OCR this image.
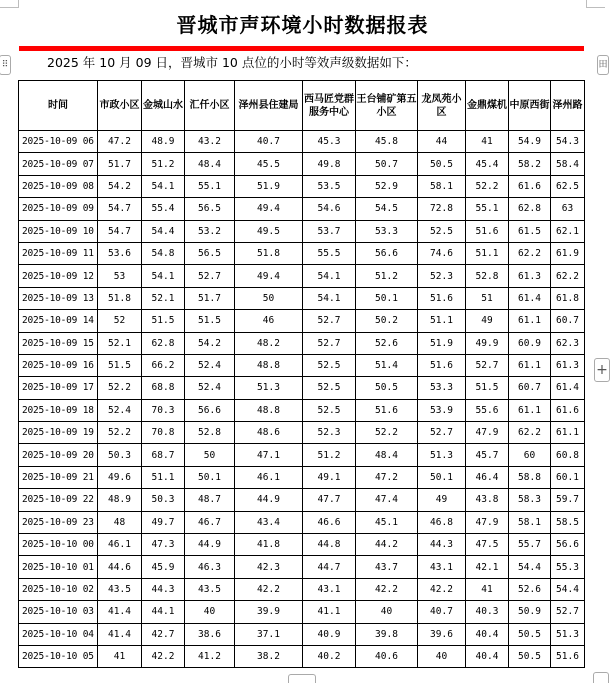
晋城市声环境小时数据报表
2025 年 10 月 09 日，晋城市 10 点位的小时等效声级数据如下：
⠿	田
+
时间	市政小区	金城山水	汇仟小区	泽州县住建局	西马匠党群服务中心	王台铺矿第五小区	龙凤苑小区	金鼎煤机	中原西街	泽州路
2025-10-09 06	47.2	48.9	43.2	40.7	45.3	45.8	44	41	54.9	54.3
2025-10-09 07	51.7	51.2	48.4	45.5	49.8	50.7	50.5	45.4	58.2	58.4
2025-10-09 08	54.2	54.1	55.1	51.9	53.5	52.9	58.1	52.2	61.6	62.5
2025-10-09 09	54.7	55.4	56.5	49.4	54.6	54.5	72.8	55.1	62.8	63
2025-10-09 10	54.7	54.4	53.2	49.5	53.7	53.3	52.5	51.6	61.5	62.1
2025-10-09 11	53.6	54.8	56.5	51.8	55.5	56.6	74.6	51.1	62.2	61.9
2025-10-09 12	53	54.1	52.7	49.4	54.1	51.2	52.3	52.8	61.3	62.2
2025-10-09 13	51.8	52.1	51.7	50	54.1	50.1	51.6	51	61.4	61.8
2025-10-09 14	52	51.5	51.5	46	52.7	50.2	51.1	49	61.1	60.7
2025-10-09 15	52.1	62.8	54.2	48.2	52.7	52.6	51.9	49.9	60.9	62.3
2025-10-09 16	51.5	66.2	52.4	48.8	52.5	51.4	51.6	52.7	61.1	61.3
2025-10-09 17	52.2	68.8	52.4	51.3	52.5	50.5	53.3	51.5	60.7	61.4
2025-10-09 18	52.4	70.3	56.6	48.8	52.5	51.6	53.9	55.6	61.1	61.6
2025-10-09 19	52.2	70.8	52.8	48.6	52.3	52.2	52.7	47.9	62.2	61.1
2025-10-09 20	50.3	68.7	50	47.1	51.2	48.4	51.3	45.7	60	60.8
2025-10-09 21	49.6	51.1	50.1	46.1	49.1	47.2	50.1	46.4	58.8	60.1
2025-10-09 22	48.9	50.3	48.7	44.9	47.7	47.4	49	43.8	58.3	59.7
2025-10-09 23	48	49.7	46.7	43.4	46.6	45.1	46.8	47.9	58.1	58.5
2025-10-10 00	46.1	47.3	44.9	41.8	44.8	44.2	44.3	47.5	55.7	56.6
2025-10-10 01	44.6	45.9	46.3	42.3	44.7	43.7	43.1	42.1	54.4	55.3
2025-10-10 02	43.5	44.3	43.5	42.2	43.1	42.2	42.2	41	52.6	54.4
2025-10-10 03	41.4	44.1	40	39.9	41.1	40	40.7	40.3	50.9	52.7
2025-10-10 04	41.4	42.7	38.6	37.1	40.9	39.8	39.6	40.4	50.5	51.3
2025-10-10 05	41	42.2	41.2	38.2	40.2	40.6	40	40.4	50.5	51.6
